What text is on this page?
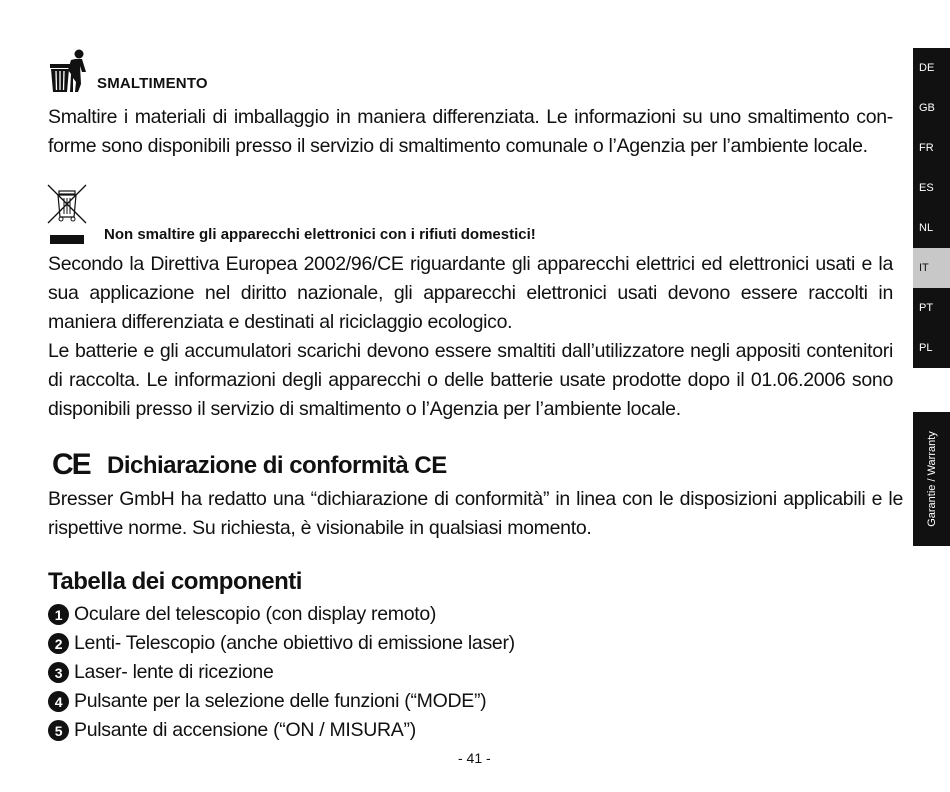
DE
GB
FR
ES
NL
IT
PT
PL
Garantie / Warranty
SMALTIMENTO
Smaltire i materiali di imballaggio in maniera differenziata. Le informazioni su uno smaltimento con-forme sono disponibili presso il servizio di smaltimento comunale o l’Agenzia per l’ambiente locale.
Non smaltire gli apparecchi elettronici con i rifiuti domestici!
Secondo la Direttiva Europea 2002/96/CE riguardante gli apparecchi elettrici ed elettronici usati e la sua applicazione nel diritto nazionale, gli apparecchi elettronici usati devono essere raccolti in maniera differenziata e destinati al riciclaggio ecologico.
Le batterie e gli accumulatori scarichi devono essere smaltiti dall’utilizzatore negli appositi contenitori di raccolta. Le informazioni degli apparecchi o delle batterie usate prodotte dopo il 01.06.2006 sono disponibili presso il servizio di smaltimento o l’Agenzia per l’ambiente locale.
CE Dichiarazione di conformità CE
Bresser GmbH ha redatto una “dichiarazione di conformità” in linea con le disposizioni applicabili e le rispettive norme. Su richiesta, è visionabile in qualsiasi momento.
Tabella dei componenti
1 Oculare del telescopio (con display remoto)
2 Lenti- Telescopio (anche obiettivo di emissione laser)
3 Laser- lente di ricezione
4 Pulsante per la selezione delle funzioni (“MODE”)
5 Pulsante di accensione (“ON / MISURA”)
- 41 -
